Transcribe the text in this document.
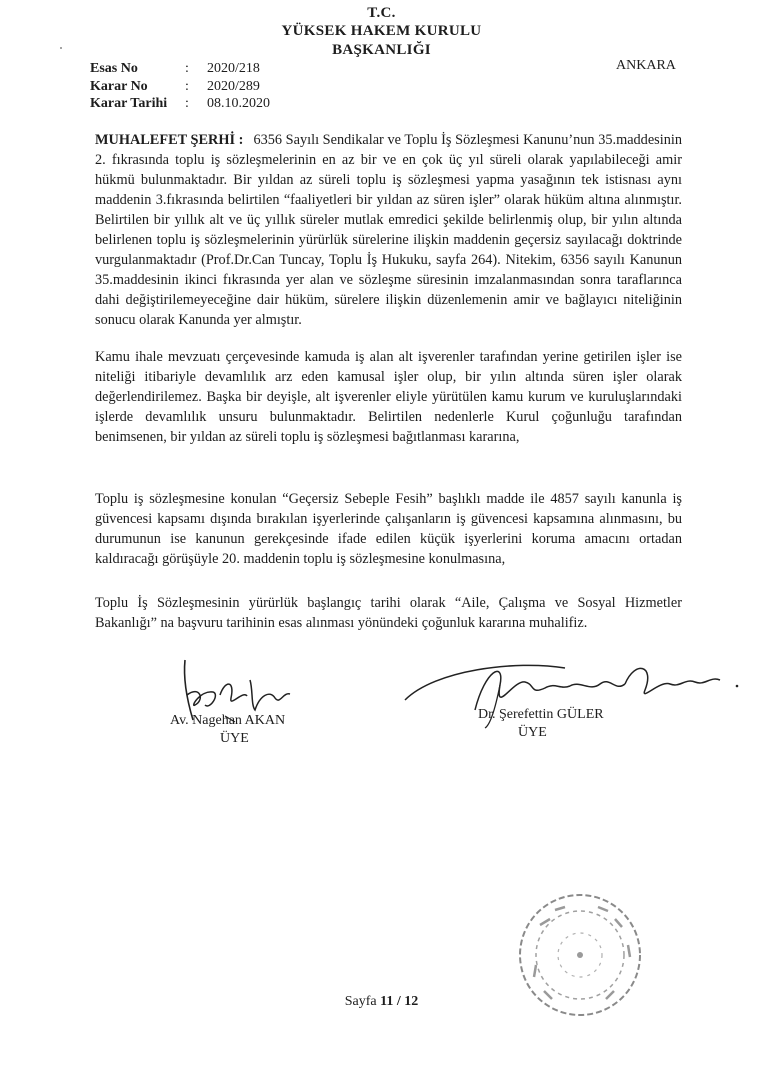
T.C.
YÜKSEK HAKEM KURULU
BAŞKANLIĞI
Esas No	:	2020/218
Karar No	:	2020/289
Karar Tarihi	:	08.10.2020
ANKARA
MUHALEFET ŞERHİ : 6356 Sayılı Sendikalar ve Toplu İş Sözleşmesi Kanunu’nun 35.maddesinin 2. fıkrasında toplu iş sözleşmelerinin en az bir ve en çok üç yıl süreli olarak yapılabileceği amir hükmü bulunmaktadır. Bir yıldan az süreli toplu iş sözleşmesi yapma yasağının tek istisnası aynı maddenin 3.fıkrasında belirtilen “faaliyetleri bir yıldan az süren işler” olarak hüküm altına alınmıştır. Belirtilen bir yıllık alt ve üç yıllık süreler mutlak emredici şekilde belirlenmiş olup, bir yılın altında belirlenen toplu iş sözleşmelerinin yürürlük sürelerine ilişkin maddenin geçersiz sayılacağı doktrinde vurgulanmaktadır (Prof.Dr.Can Tuncay, Toplu İş Hukuku, sayfa 264). Nitekim, 6356 sayılı Kanunun 35.maddesinin ikinci fıkrasında yer alan ve sözleşme süresinin imzalanmasından sonra taraflarınca dahi değiştirilemeyeceğine dair hüküm, sürelere ilişkin düzenlemenin amir ve bağlayıcı niteliğinin sonucu olarak Kanunda yer almıştır.
Kamu ihale mevzuatı çerçevesinde kamuda iş alan alt işverenler tarafından yerine getirilen işler ise niteliği itibariyle devamlılık arz eden kamusal işler olup, bir yılın altında süren işler olarak değerlendirilemez. Başka bir deyişle, alt işverenler eliyle yürütülen kamu kurum ve kuruluşlarındaki işlerde devamlılık unsuru bulunmaktadır. Belirtilen nedenlerle Kurul çoğunluğu tarafından benimsenen, bir yıldan az süreli toplu iş sözleşmesi bağıtlanması kararına,
Toplu iş sözleşmesine konulan “Geçersiz Sebeple Fesih” başlıklı madde ile 4857 sayılı kanunla iş güvencesi kapsamı dışında bırakılan işyerlerinde çalışanların iş güvencesi kapsamına alınmasını, bu durumunun ise kanunun gerekçesinde ifade edilen küçük işyerlerini koruma amacını ortadan kaldıracağı görüşüyle 20. maddenin toplu iş sözleşmesine konulmasına,
Toplu İş Sözleşmesinin yürürlük başlangıç tarihi olarak “Aile, Çalışma ve Sosyal Hizmetler Bakanlığı” na başvuru tarihinin esas alınması yönündeki çoğunluk kararına muhalifiz.
Av. Nagehan AKAN
ÜYE
Dr. Şerefettin GÜLER
ÜYE
Sayfa 11 / 12
